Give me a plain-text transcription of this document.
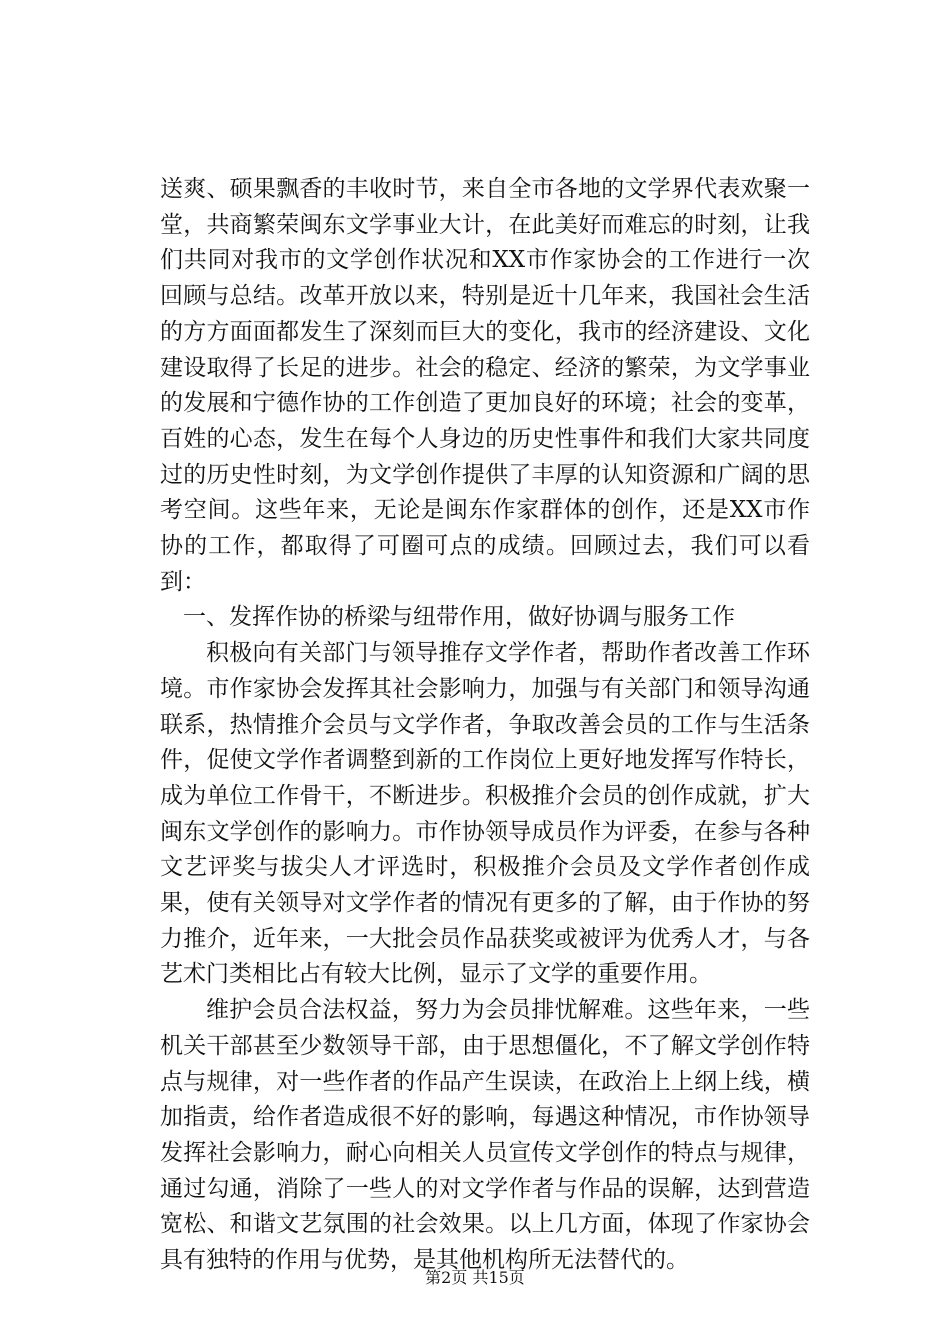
送爽、硕果飘香的丰收时节，来自全市各地的文学界代表欢聚一堂，共商繁荣闽东文学事业大计，在此美好而难忘的时刻，让我们共同对我市的文学创作状况和XX市作家协会的工作进行一次回顾与总结。改革开放以来，特别是近十几年来，我国社会生活的方方面面都发生了深刻而巨大的变化，我市的经济建设、文化建设取得了长足的进步。社会的稳定、经济的繁荣，为文学事业的发展和宁德作协的工作创造了更加良好的环境；社会的变革，百姓的心态，发生在每个人身边的历史性事件和我们大家共同度过的历史性时刻，为文学创作提供了丰厚的认知资源和广阔的思考空间。这些年来，无论是闽东作家群体的创作，还是XX市作协的工作，都取得了可圈可点的成绩。回顾过去，我们可以看到：

一、发挥作协的桥梁与纽带作用，做好协调与服务工作

积极向有关部门与领导推存文学作者，帮助作者改善工作环境。市作家协会发挥其社会影响力，加强与有关部门和领导沟通联系，热情推介会员与文学作者，争取改善会员的工作与生活条件，促使文学作者调整到新的工作岗位上更好地发挥写作特长，成为单位工作骨干，不断进步。积极推介会员的创作成就，扩大闽东文学创作的影响力。市作协领导成员作为评委，在参与各种文艺评奖与拔尖人才评选时，积极推介会员及文学作者创作成果，使有关领导对文学作者的情况有更多的了解，由于作协的努力推介，近年来，一大批会员作品获奖或被评为优秀人才，与各艺术门类相比占有较大比例，显示了文学的重要作用。

维护会员合法权益，努力为会员排忧解难。这些年来，一些机关干部甚至少数领导干部，由于思想僵化，不了解文学创作特点与规律，对一些作者的作品产生误读，在政治上上纲上线，横加指责，给作者造成很不好的影响，每遇这种情况，市作协领导发挥社会影响力，耐心向相关人员宣传文学创作的特点与规律，通过勾通，消除了一些人的对文学作者与作品的误解，达到营造宽松、和谐文艺氛围的社会效果。以上几方面，体现了作家协会具有独特的作用与优势，是其他机构所无法替代的。

第2页 共15页
